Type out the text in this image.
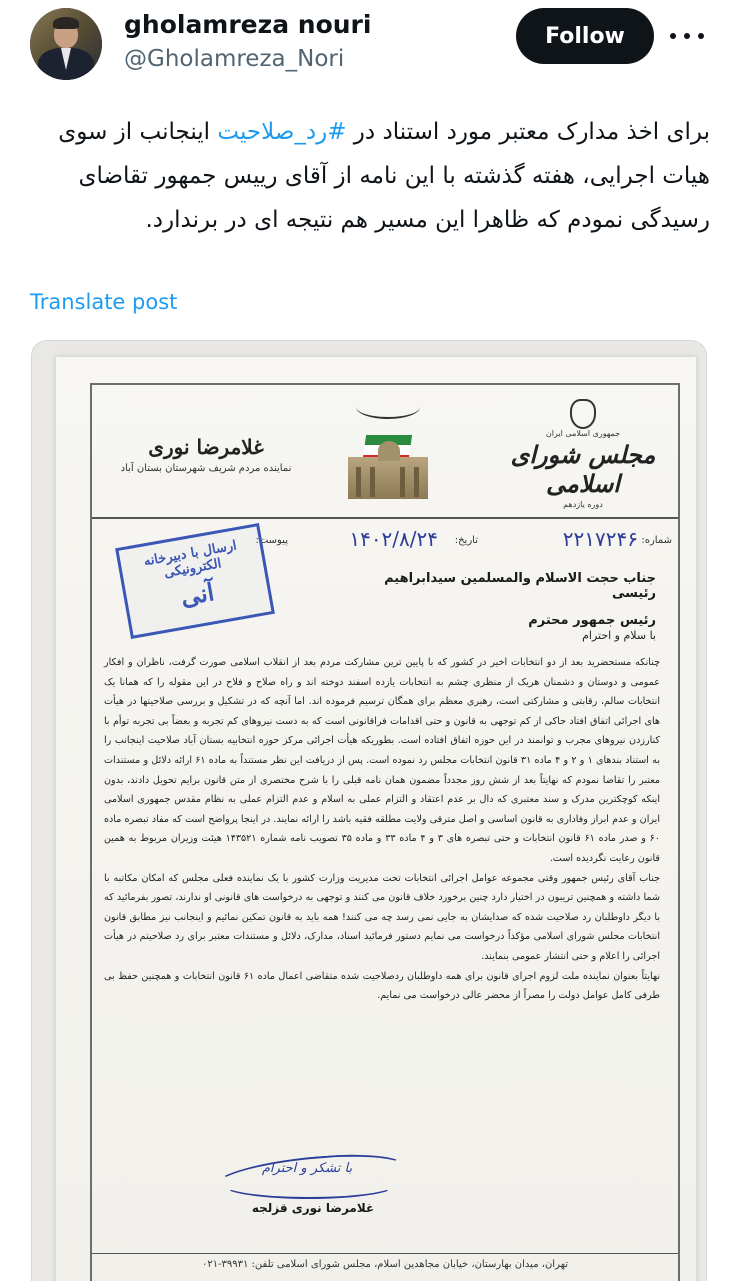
gholamreza nouri
@Gholamreza_Nori
Follow
برای اخذ مدارک معتبر مورد استناد در #رد_صلاحیت اینجانب از سوی هیات اجرایی، هفته گذشته با این نامه از آقای رییس جمهور تقاضای رسیدگی نمودم که ظاهرا این مسیر هم نتیجه ای در برندارد.
Translate post
جمهوری اسلامی ایران
مجلس شورای اسلامی
دوره یازدهم
غلامرضا نوری
نماینده مردم شریف شهرستان بستان آباد
شماره:
۲۲۱۷۲۴۶
تاریخ:
۱۴۰۲/۸/۲۴
پیوست:
ارسال با دبیرخانه الکترونیکی
آنی	جناب حجت الاسلام والمسلمین سیدابراهیم رئیسی
رئیس جمهور محترم
با سلام و احترام

چنانکه مستحضرید بعد از دو انتخابات اخیر در کشور که با پایین ترین مشارکت مردم بعد از انقلاب اسلامی صورت گرفت، ناظران و افکار عمومی و دوستان و دشمنان هریک از منظری چشم به انتخابات یازده اسفند دوخته اند و راه صلاح و فلاح در این مقوله را که همانا یک انتخابات سالم، رقابتی و مشارکتی است، رهبری معظم برای همگان ترسیم فرموده اند. اما آنچه که در تشکیل و بررسی صلاحیتها در هیأت های اجرائی اتفاق افتاد حاکی از کم توجهی به قانون و حتی اقدامات فراقانونی است که به دست نیروهای کم تجربه و بعضاً بی تجربه توأم با کنارزدن نیروهای مجرب و توانمند در این حوزه اتفاق افتاده است. بطوریکه هیأت اجرائی مرکز حوزه انتخابیه بستان آباد صلاحیت اینجانب را به استناد بندهای ۱ و ۲ و ۴ ماده ۳۱ قانون انتخابات مجلس رد نموده است. پس از دریافت این نظر مستنداً به ماده ۶۱ ارائه دلائل و مستندات معتبر را تقاضا نمودم که نهایتاً بعد از شش روز مجدداً مضمون همان نامه قبلی را با شرح مختصری از متن قانون برایم تحویل دادند، بدون اینکه کوچکترین مدرک و سند معتبری که دال بر عدم اعتقاد و التزام عملی به اسلام و عدم التزام عملی به نظام مقدس جمهوری اسلامی ایران و عدم ابراز وفاداری به قانون اساسی و اصل مترقی ولایت مطلقه فقیه باشد را ارائه نمایند. در اینجا پرواضح است که مفاد تبصره ماده ۶۰ و صدر ماده ۶۱ قانون انتخابات و حتی تبصره های ۳ و ۴ ماده ۳۳ و ماده ۳۵ تصویب نامه شماره ۱۴۳۵۲۱ هیئت وزیران مربوط به همین قانون رعایت نگردیده است.

جناب آقای رئیس جمهور وقتی مجموعه عوامل اجرائی انتخابات تحت مدیریت وزارت کشور با یک نماینده فعلی مجلس که امکان مکاتبه با شما داشته و همچنین تریبون در اختیار دارد چنین برخورد خلاف قانون می کنند و توجهی به درخواست های قانونی او ندارند، تصور بفرمائید که با دیگر داوطلبان رد صلاحیت شده که صدایشان به جایی نمی رسد چه می کنند! همه باید به قانون تمکین نمائیم و اینجانب نیز مطابق قانون انتخابات مجلس شورای اسلامی مؤکداً درخواست می نمایم دستور فرمائید اسناد، مدارک، دلائل و مستندات معتبر برای رد صلاحیتم در هیأت اجرائی را اعلام و حتی انتشار عمومی بنمایند.

نهایتاً بعنوان نماینده ملت لزوم اجرای قانون برای همه داوطلبان ردصلاحیت شده متقاضی اعمال ماده ۶۱ قانون انتخابات و همچنین حفظ بی طرفی کامل عوامل دولت را مصراً از محضر عالی درخواست می نمایم.

با تشکر و احترام
غلامرضا نوری قزلجه
تهران، میدان بهارستان، خیابان مجاهدین اسلام، مجلس شورای اسلامی تلفن: ۳۹۹۳۱-۰۲۱
